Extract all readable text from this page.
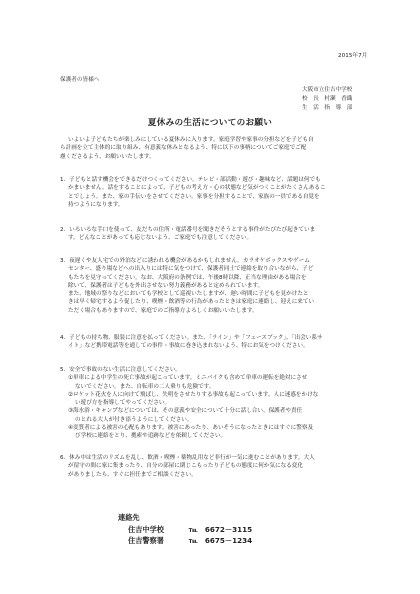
2015年7月
保護者の皆様へ
大阪市立住吉中学校
校　長　村瀬　香織
生　活　指　導　部
夏休みの生活についてのお願い
いよいよ子どもたちが楽しみにしている夏休みに入ります。家庭学習や家事の分担などを子ども自
ら計画を立て主体的に取り組み、有意義な休みとなるよう、特に以下の事柄についてご家庭でご配
慮くださるよう、お願いいたします。
1．子どもと話す機会をできるだけつくってください。テレビ・部活動・遊び・趣味など、話題は何でも
かまいません。話をすることによって、子どもの考え方・心の状態など気がつくことがたくさんあるこ
とでしょう。また、家の手伝いをさせてください。家事を分担することで、家族の一員である自覚を
持つようになります。
2．いろいろな手口を使って、友だちの住所・電話番号を聞きだそうとする事件がたびたび起きていま
す。どんなことがあっても応じないよう、ご家庭でも注意してください。
3．夜遅くや友人宅での外泊などに誘われる機会があるかもしれません。カラオケボックスやゲーム
センター、盛り場などへの出入りには特に気をつけて、保護者同士で連絡を取り合いながら、子ど
もたちを見守ってください。なお、大阪府の条例では、午後8時以降、正当な理由がある場合を
除いて、保護者は子どもを外出させない努力義務があると定められています。
また、地域の祭りなどにおいても学校として巡視いたしますが、遅い時間に子どもを見かけたと
きは早く帰宅するよう促したり、喫煙・飲酒等の行為があったときは家庭に連絡し、迎えに来てい
ただく場合もありますので、家庭でのご指導方よろしくお願いいたします。
4．子どもの持ち物、服装に注意を払ってください。また、「ライン」や「フェースブック」、「出会い系サ
イト」など携帯電話等を通しての事件・事故に巻き込まれないよう、特にお気をつけください。
5．安全で事故のない生活に注意してください。
①単車による中学生の死亡事故が起こっています。ミニバイクも含めて単車の運転を絶対にさせ
ないでください。また、自転車の二人乗りも危険です。
②ロケット花火を人に向けて飛ばし、失明をさせたりする事故も起こっています。人に迷惑をかけな
い遊び方を指導してやってください。
③海水浴・キャンプなどについては、その意義や安全について十分に話し合い、保護者や責任
のとれる大人が付き添うようにしてください。
④変質者による被害の心配もあります。被害にあったり、あいそうになったときにはすぐに警察及
び学校に連絡をとり、拠索や追跡などを依頼してください。
6．休み中は生活のリズムを乱し、飲酒・喫煙・薬物乱用など非行が一気に進むことがあります。大人
が留守の間に家に集まったり、自分の部屋に閉じこもったり子どもの態度に何か気になる変化
がありましたら、すぐに担任までご相談ください。
連絡先
住吉中学校	℡　6672－3115
住吉警察署	℡　6675－1234
